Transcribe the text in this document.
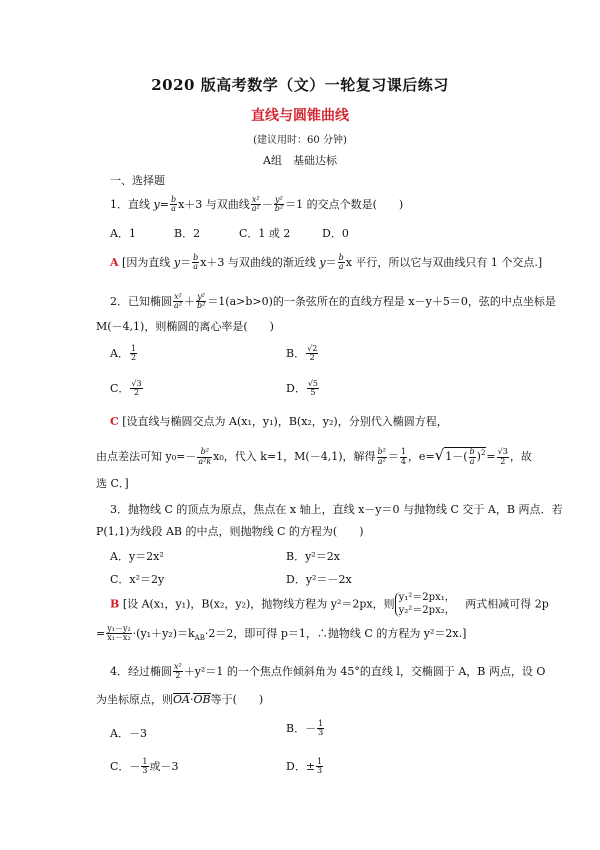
2020 版高考数学（文）一轮复习课后练习
直线与圆锥曲线
(建议用时：60 分钟)
A组　基础达标
一、选择题
1．直线 $y= \frac{b}{a} x+3$ 与双曲线 $\frac{\text{x²}}{\text{a²}} - \frac{\text{y²}}{\text{b²}} =1$ 的交点个数是(　　)
A．1	B．2	C．1 或 2	D．0
A [因为直线 $y= \frac{b}{a} x+3$ 与双曲线的渐近线 $y= \frac{b}{a}$ x 平行，所以它与双曲线只有 1 个交点.]
2．已知椭圆 $\frac{\text{x²}}{\text{a²}} + \frac{\text{y²}}{\text{b²}} =1(a>b>0)$的一条弦所在的直线方程是 x－y＋5＝0，弦的中点坐标是
M(－4,1)，则椭圆的离心率是(　　)
A． $\frac{1}{2}$	B． $\frac{√2}{2}$
C． $\frac{√3}{2}$	D． $\frac{√5}{5}$
C [设直线与椭圆交点为 A(x₁，y₁)，B(x₂，y₂)，分别代入椭圆方程，
由点差法可知 $y_0=- \frac{\text{b²}}{\text{a²k}} x_0$，代入 k=1，M(－4,1)，解得 $\frac{\text{b²}}{\text{a²}} = \frac{1}{4}$ ，$e=√1-( \frac{b}{a} )^2= \frac{√3}{2}$ ，故
选 C．]
3．抛物线 C 的顶点为原点，焦点在 x 轴上，直线 x－y＝0 与抛物线 C 交于 A，B 两点．若
P(1,1)为线段 AB 的中点，则抛物线 C 的方程为(　　)
A．y＝2x²	B．y²＝2x
C．x²＝2y	D．y²＝－2x
B [设 A(x₁，y₁)，B(x₂，y₂)，抛物线方程为 y²＝2px，则 y₁²＝2px₁，
y₂²＝2px₂， 两式相减可得 2p
= $\frac{\text{y₁－y₂}}{\text{x₁－x₂}} \cdot(y_1+y_2)=k_{AB}\cdot 2=2$，即可得 p＝1，∴抛物线 C 的方程为 y²＝2x.]
4．经过椭圆 $\frac{\text{x²}}{2} +y^2=1$ 的一个焦点作倾斜角为 45°的直线 l，交椭圆于 A，B 两点，设 O
为坐标原点，则OA·OB等于(　　)
A．－3	B．－ $\frac{1}{3}$
C．－ $\frac{1}{3}$ 或－3	D．± $\frac{1}{3}$
